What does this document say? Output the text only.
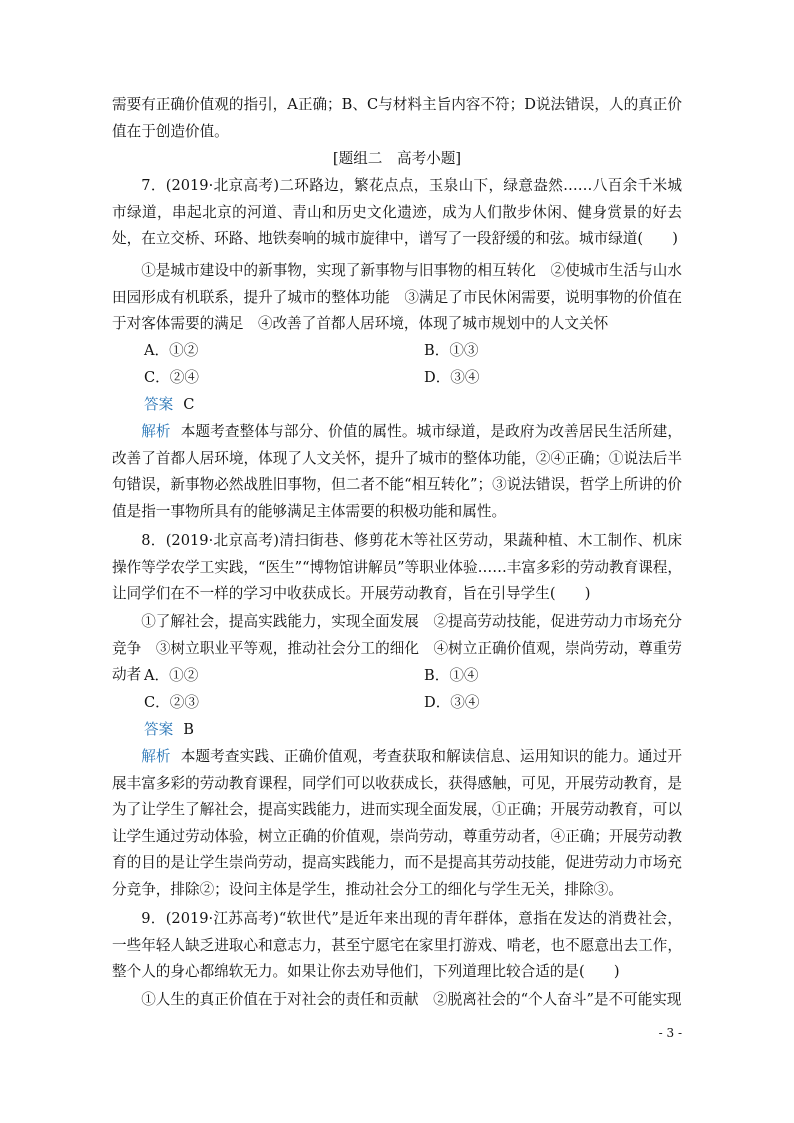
需要有正确价值观的指引，A正确；B、C与材料主旨内容不符；D说法错误，人的真正价值在于创造价值。

[题组二　高考小题]

7．(2019·北京高考)二环路边，繁花点点，玉泉山下，绿意盎然……八百余千米城市绿道，串起北京的河道、青山和历史文化遗迹，成为人们散步休闲、健身赏景的好去处，在立交桥、环路、地铁奏响的城市旋律中，谱写了一段舒缓的和弦。城市绿道(　　)

①是城市建设中的新事物，实现了新事物与旧事物的相互转化　②使城市生活与山水田园形成有机联系，提升了城市的整体功能　③满足了市民休闲需要，说明事物的价值在于对客体需要的满足　④改善了首都人居环境，体现了城市规划中的人文关怀

A．①②	B．①③
C．②④	D．③④
答案 C

解析 本题考查整体与部分、价值的属性。城市绿道，是政府为改善居民生活所建，改善了首都人居环境，体现了人文关怀，提升了城市的整体功能，②④正确；①说法后半句错误，新事物必然战胜旧事物，但二者不能“相互转化”；③说法错误，哲学上所讲的价值是指一事物所具有的能够满足主体需要的积极功能和属性。

8．(2019·北京高考)清扫街巷、修剪花木等社区劳动，果蔬种植、木工制作、机床操作等学农学工实践，“医生”“博物馆讲解员”等职业体验……丰富多彩的劳动教育课程，让同学们在不一样的学习中收获成长。开展劳动教育，旨在引导学生(　　)

①了解社会，提高实践能力，实现全面发展　②提高劳动技能，促进劳动力市场充分竞争　③树立职业平等观，推动社会分工的细化　④树立正确价值观，崇尚劳动，尊重劳动者 A．①②	B．①④
C．②③	D．③④
答案 B

解析 本题考查实践、正确价值观，考查获取和解读信息、运用知识的能力。通过开展丰富多彩的劳动教育课程，同学们可以收获成长，获得感触，可见，开展劳动教育，是为了让学生了解社会，提高实践能力，进而实现全面发展，①正确；开展劳动教育，可以让学生通过劳动体验，树立正确的价值观，崇尚劳动，尊重劳动者，④正确；开展劳动教育的目的是让学生崇尚劳动，提高实践能力，而不是提高其劳动技能，促进劳动力市场充分竞争，排除②；设问主体是学生，推动社会分工的细化与学生无关，排除③。

9．(2019·江苏高考)“软世代”是近年来出现的青年群体，意指在发达的消费社会，一些年轻人缺乏进取心和意志力，甚至宁愿宅在家里打游戏、啃老，也不愿意出去工作，整个人的身心都绵软无力。如果让你去劝导他们，下列道理比较合适的是(　　)

①人生的真正价值在于对社会的责任和贡献　②脱离社会的“个人奋斗”是不可能实现

- 3 -
